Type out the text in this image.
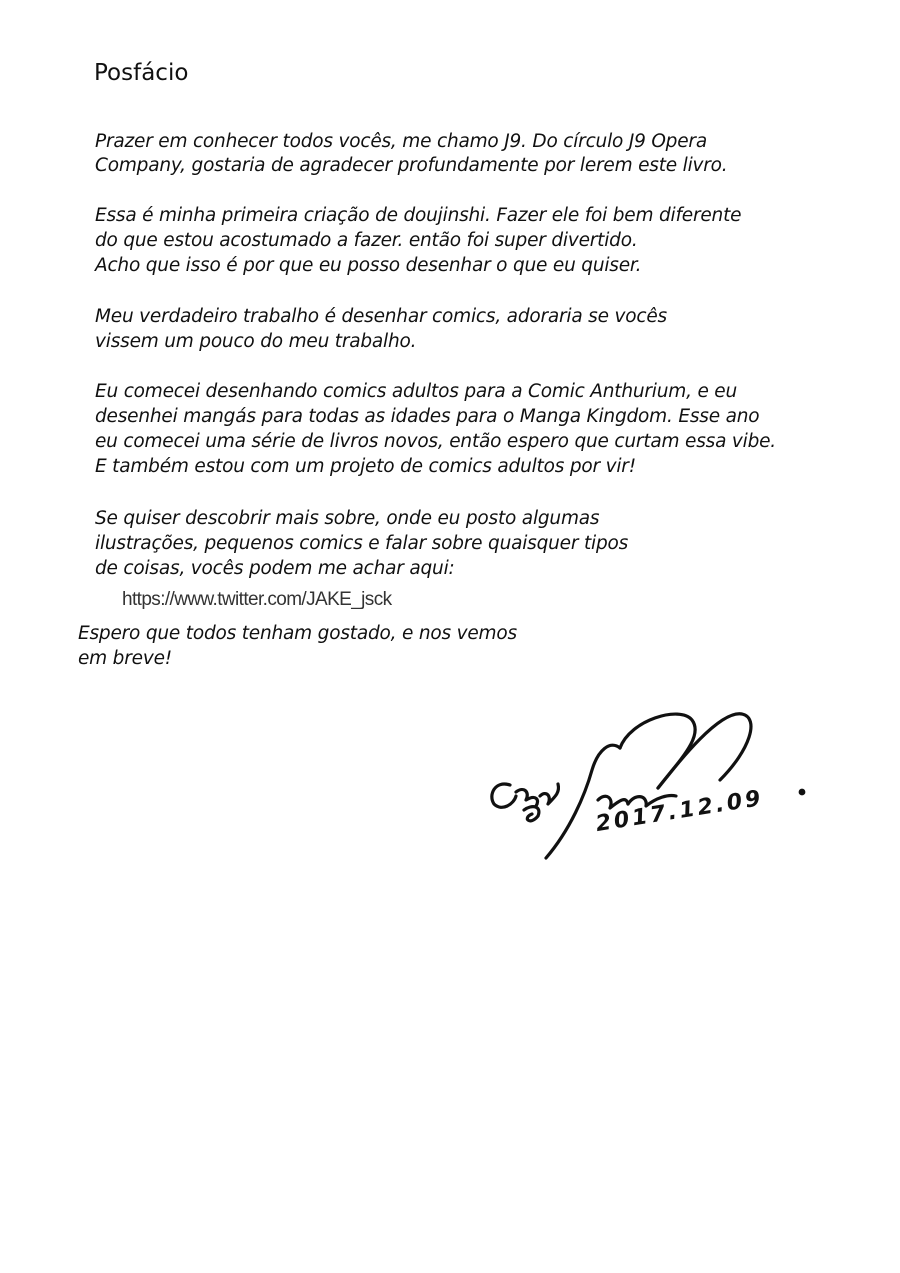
Posfácio
Prazer em conhecer todos vocês, me chamo J9. Do círculo J9 Opera
Company, gostaria de agradecer profundamente por lerem este livro.
Essa é minha primeira criação de doujinshi. Fazer ele foi bem diferente
do que estou acostumado a fazer. então foi super divertido.
Acho que isso é por que eu posso desenhar o que eu quiser.
Meu verdadeiro trabalho é desenhar comics, adoraria se vocês
vissem um pouco do meu trabalho.
Eu comecei desenhando comics adultos para a Comic Anthurium, e eu
desenhei mangás para todas as idades para o Manga Kingdom. Esse ano
eu comecei uma série de livros novos, então espero que curtam essa vibe.
E também estou com um projeto de comics adultos por vir!
Se quiser descobrir mais sobre, onde eu posto algumas
ilustrações, pequenos comics e falar sobre quaisquer tipos
de coisas, vocês podem me achar aqui:
https://www.twitter.com/JAKE_jsck
Espero que todos tenham gostado, e nos vemos
em breve!
2017.12.09
